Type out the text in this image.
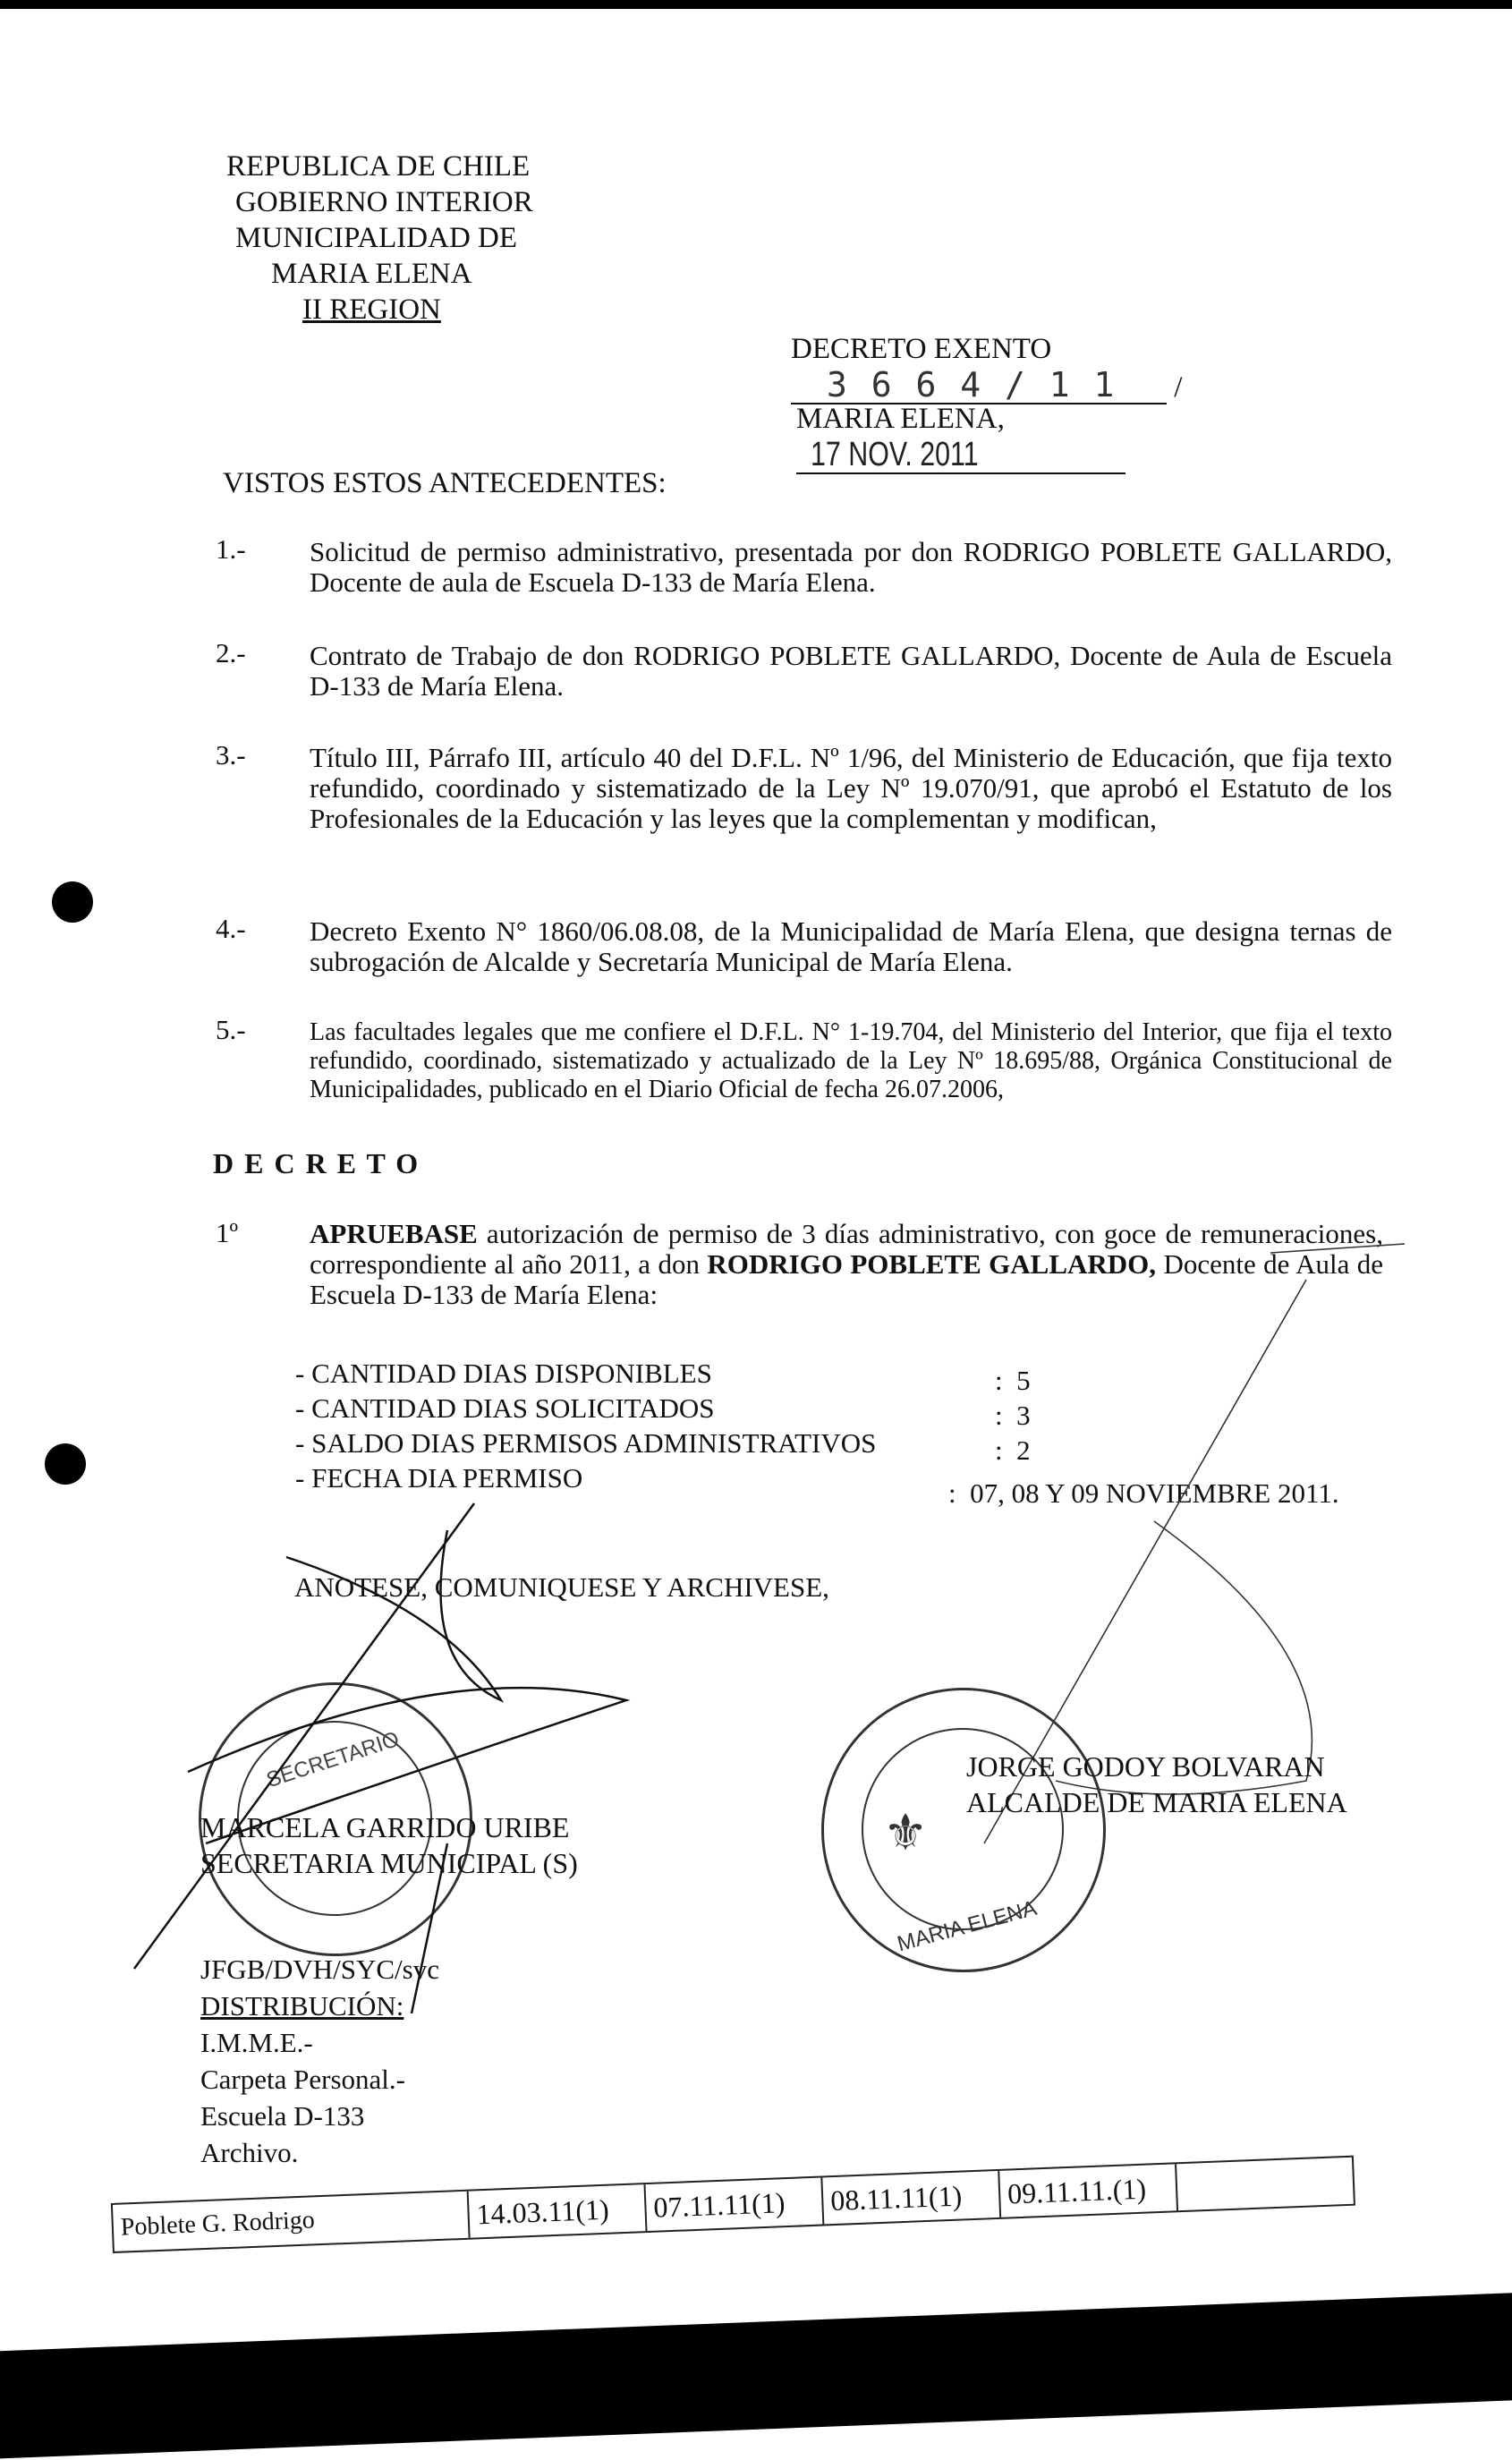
REPUBLICA DE CHILE
GOBIERNO INTERIOR
MUNICIPALIDAD DE
MARIA ELENA
II REGION
DECRETO EXENTO 3 6 6 4 / 1 1 /
MARIA ELENA, 17 NOV. 2011
VISTOS ESTOS ANTECEDENTES:
1.- Solicitud de permiso administrativo, presentada por don RODRIGO POBLETE GALLARDO, Docente de aula de Escuela D-133 de María Elena.
2.- Contrato de Trabajo de don RODRIGO POBLETE GALLARDO, Docente de Aula de Escuela D-133 de María Elena.
3.- Título III, Párrafo III, artículo 40 del D.F.L. Nº 1/96, del Ministerio de Educación, que fija texto refundido, coordinado y sistematizado de la Ley Nº 19.070/91, que aprobó el Estatuto de los Profesionales de la Educación y las leyes que la complementan y modifican,
4.- Decreto Exento N° 1860/06.08.08, de la Municipalidad de María Elena, que designa ternas de subrogación de Alcalde y Secretaría Municipal de María Elena.
5.-	Las facultades legales que me confiere el D.F.L. N° 1-19.704, del Ministerio del Interior, que fija el texto refundido, coordinado, sistematizado y actualizado de la Ley Nº 18.695/88, Orgánica Constitucional de Municipalidades, publicado en el Diario Oficial de fecha 26.07.2006,
D E C R E T O
1º	APRUEBASE autorización de permiso de 3 días administrativo, con goce de remuneraciones, correspondiente al año 2011, a don RODRIGO POBLETE GALLARDO, Docente de Aula de Escuela D-133 de María Elena:
- CANTIDAD DIAS DISPONIBLES	:  5
- CANTIDAD DIAS SOLICITADOS	:  3
- SALDO DIAS PERMISOS ADMINISTRATIVOS	:  2
- FECHA DIA PERMISO	:  07, 08 Y 09 NOVIEMBRE 2011.
ANOTESE, COMUNIQUESE Y ARCHIVESE,
SECRETARIO
⚜
MARIA ELENA
MARCELA GARRIDO URIBE
SECRETARIA MUNICIPAL (S)
JORGE GODOY BOLVARAN
ALCALDE DE MARIA ELENA
JFGB/DVH/SYC/svc
DISTRIBUCIÓN:
I.M.M.E.-
Carpeta Personal.-
Escuela D-133
Archivo.
Poblete G. Rodrigo	14.03.11(1)	07.11.11(1)	08.11.11(1)	09.11.11.(1)
